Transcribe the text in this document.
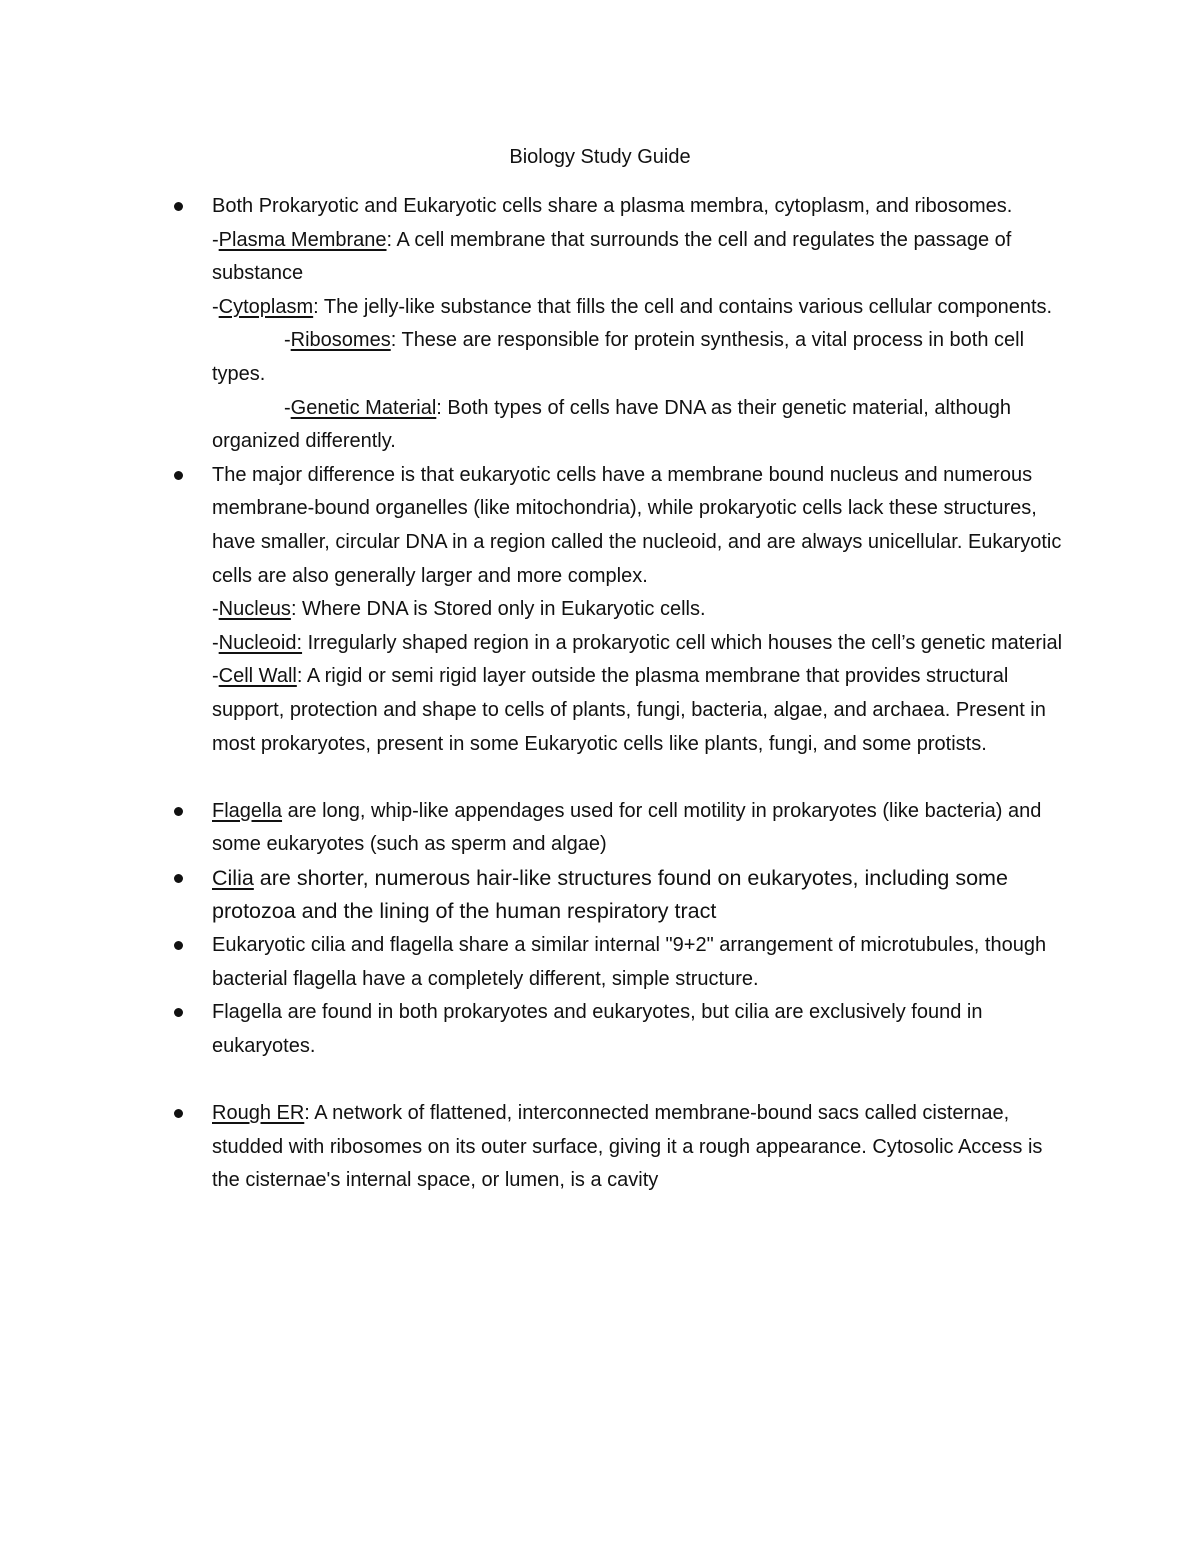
Biology Study Guide
Both Prokaryotic and Eukaryotic cells share a plasma membra, cytoplasm, and ribosomes.
-Plasma Membrane: A cell membrane that surrounds the cell and regulates the passage of substance
-Cytoplasm: The jelly-like substance that fills the cell and contains various cellular components.
-Ribosomes: These are responsible for protein synthesis, a vital process in both cell types.
-Genetic Material: Both types of cells have DNA as their genetic material, although organized differently.
The major difference is that eukaryotic cells have a membrane bound nucleus and numerous membrane-bound organelles (like mitochondria), while prokaryotic cells lack these structures, have smaller, circular DNA in a region called the nucleoid, and are always unicellular. Eukaryotic cells are also generally larger and more complex.
-Nucleus: Where DNA is Stored only in Eukaryotic cells.
-Nucleoid: Irregularly shaped region in a prokaryotic cell which houses the cell’s genetic material
-Cell Wall: A rigid or semi rigid layer outside the plasma membrane that provides structural support, protection and shape to cells of plants, fungi, bacteria, algae, and archaea. Present in most prokaryotes, present in some Eukaryotic cells like plants, fungi, and some protists.
Flagella are long, whip-like appendages used for cell motility in prokaryotes (like bacteria) and some eukaryotes (such as sperm and algae)
Cilia are shorter, numerous hair-like structures found on eukaryotes, including some protozoa and the lining of the human respiratory tract
Eukaryotic cilia and flagella share a similar internal "9+2" arrangement of microtubules, though bacterial flagella have a completely different, simple structure.
Flagella are found in both prokaryotes and eukaryotes, but cilia are exclusively found in eukaryotes.
Rough ER: A network of flattened, interconnected membrane-bound sacs called cisternae, studded with ribosomes on its outer surface, giving it a rough appearance. Cytosolic Access is the cisternae's internal space, or lumen, is a cavity
